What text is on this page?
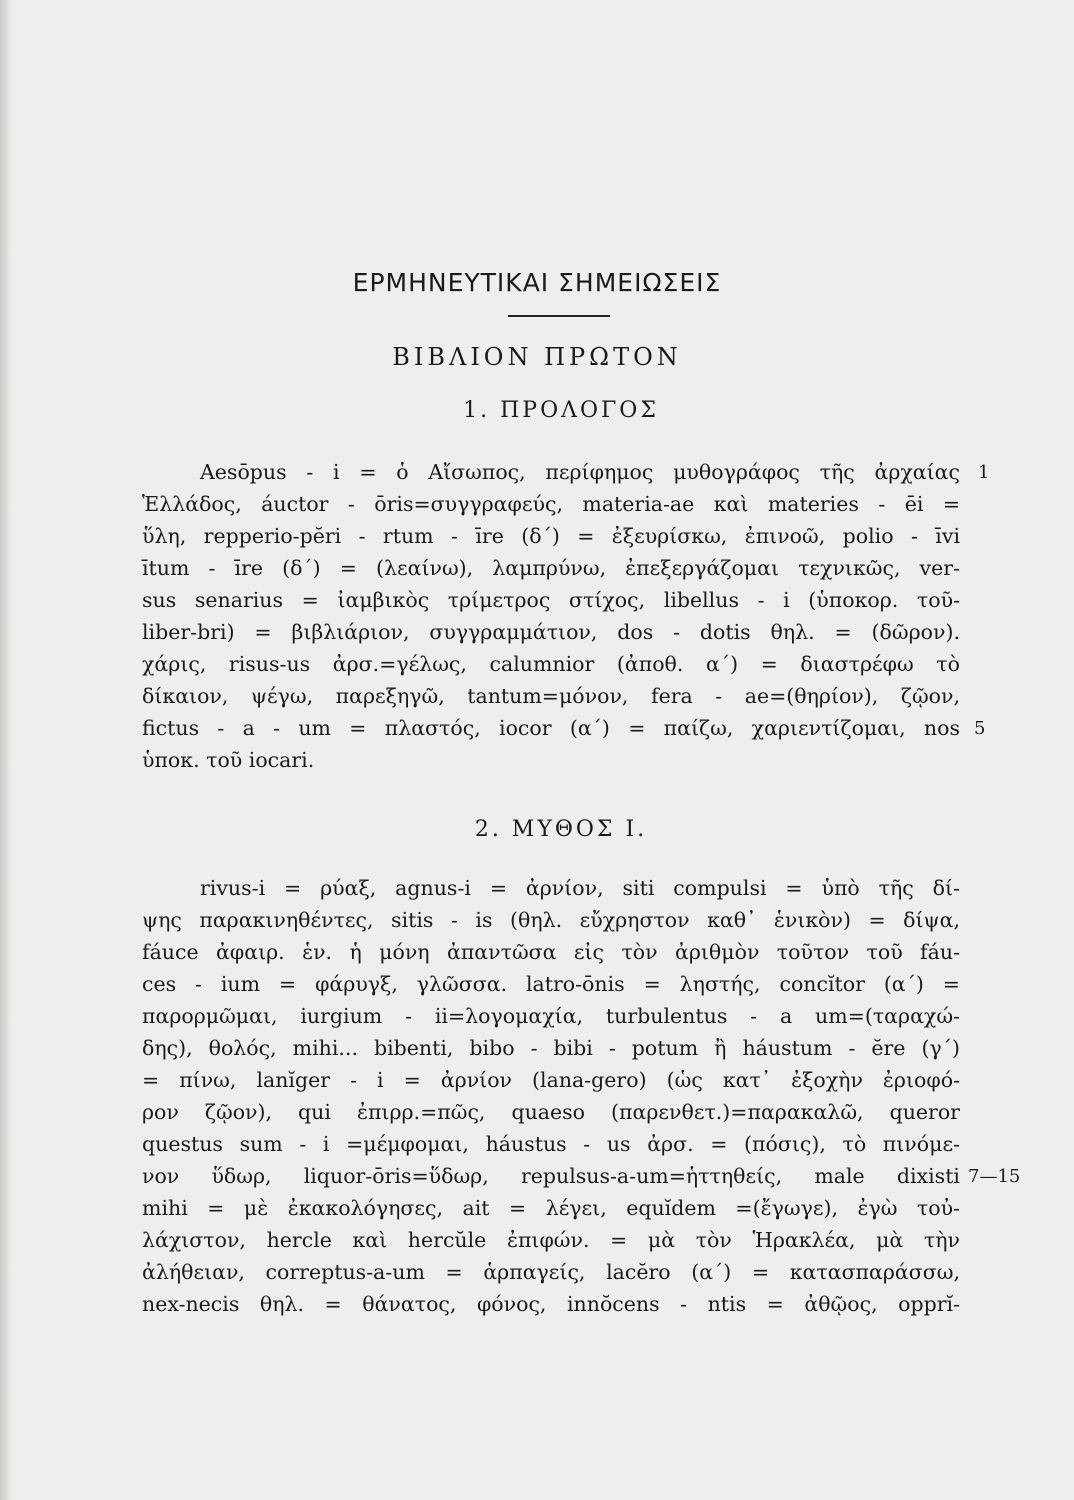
ΕΡΜΗΝΕΥΤΙΚΑΙ ΣΗΜΕΙΩΣΕΙΣ
ΒΙΒΛΙΟΝ ΠΡΩΤΟΝ
1. ΠΡΟΛΟΓΟΣ
Aesōpus - i = ὁ Αἴσωπος, περίφημος μυθογράφος τῆς ἀρχαίας
Ἑλλάδος, áuctor - ōris=συγγραφεύς, materia-ae καὶ materies - ēi =
ὕλη, repperio-pĕri - rtum - īre (δ΄) = ἐξευρίσκω, ἐπινοῶ, polio - īvi
ītum - īre (δ΄) = (λεαίνω), λαμπρύνω, ἐπεξεργάζομαι τεχνικῶς, ver-
sus senarius = ἰαμβικὸς τρίμετρος στίχος, libellus - i (ὑποκορ. τοῦ-
liber-bri) = βιβλιάριον, συγγραμμάτιον, dos - dotis θηλ. = (δῶρον).
χάρις, risus-us ἀρσ.=γέλως, calumnior (ἀποθ. α΄) = διαστρέφω τὸ
δίκαιον, ψέγω, παρεξηγῶ, tantum=μόνον, fera - ae=(θηρίον), ζῷον,
fictus - a - um = πλαστός, iocor (α΄) = παίζω, χαριεντίζομαι, nos
ὑποκ. τοῦ iocari.
1
5
2. ΜΥΘΟΣ Ι.
rivus-i = ρύαξ, agnus-i = ἀρνίον, siti compulsi = ὑπὸ τῆς δί-
ψης παρακινηθέντες, sitis - is (θηλ. εὔχρηστον καθ᾽ ἑνικὸν) = δίψα,
fáuce ἀφαιρ. ἑν. ἡ μόνη ἀπαντῶσα εἰς τὸν ἀριθμὸν τοῦτον τοῦ fáu-
ces - ium = φάρυγξ, γλῶσσα. latro-ōnis = ληστής, concĭtor (α΄) =
παρορμῶμαι, iurgium - ii=λογομαχία, turbulentus - a um=(ταραχώ-
δης), θολός, mihi... bibenti, bibo - bibi - potum ἢ háustum - ĕre (γ΄)
= πίνω, lanĭger - i = ἀρνίον (lana-gero) (ὡς κατ᾽ ἐξοχὴν ἐριοφό-
ρον ζῷον), qui ἐπιρρ.=πῶς, quaeso (παρενθετ.)=παρακαλῶ, queror
questus sum - i =μέμφομαι, háustus - us ἀρσ. = (πόσις), τὸ πινόμε-
νον ὕδωρ, liquor-ōris=ὕδωρ, repulsus-a-um=ἡττηθείς, male dixisti
mihi = μὲ ἐκακολόγησες, ait = λέγει, equĭdem =(ἔγωγε), ἐγὼ τοὐ-
λάχιστον, hercle καὶ hercŭle ἐπιφών. = μὰ τὸν Ἡρακλέα, μὰ τὴν
ἀλήθειαν, correptus-a-um = ἁρπαγείς, lacĕro (α΄) = κατασπαράσσω,
nex-necis θηλ. = θάνατος, φόνος, innŏcens - ntis = ἀθῷος, opprĭ-
7—15
